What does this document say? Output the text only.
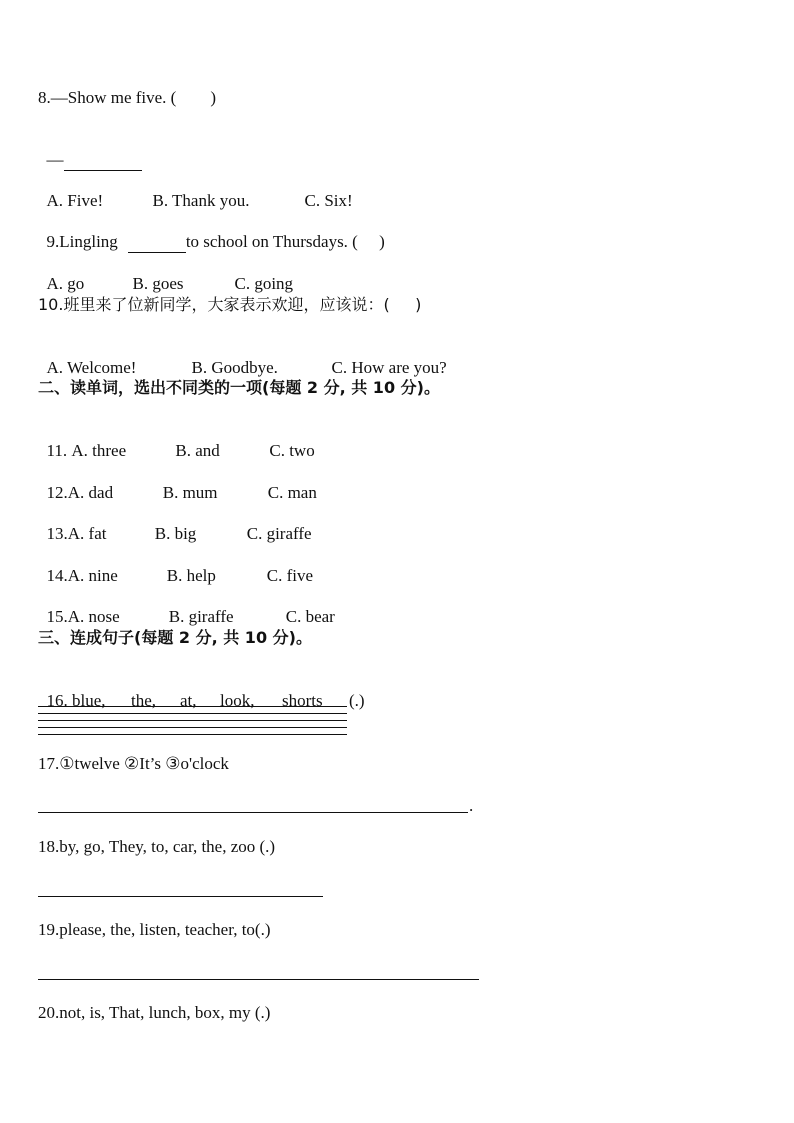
8.—Show me five. (        )

—

A. Five!	B. Thank you.	C. Six!

9.Lingling	to school on Thursdays. (     )

A. go	B. goes	C. going

10.班里来了位新同学，大家表示欢迎，应该说：(     )

A. Welcome!	B. Goodbye.	C. How are you?

二、读单词，选出不同类的一项(每题 2 分, 共 10 分)。

11. A. three	B. and	C. two

12.A. dad	B. mum	C. man

13.A. fat	B. big	C. giraffe

14.A. nine	B. help	C. five

15.A. nose	B. giraffe	C. bear

三、连成句子(每题 2 分, 共 10 分)。

16. blue, the, at, look, shorts (.)

17.①twelve ②It’s ③o'clock
.
18.by, go, They, to, car, the, zoo (.)
19.please, the, listen, teacher, to(.)
20.not, is, That, lunch, box, my (.)
